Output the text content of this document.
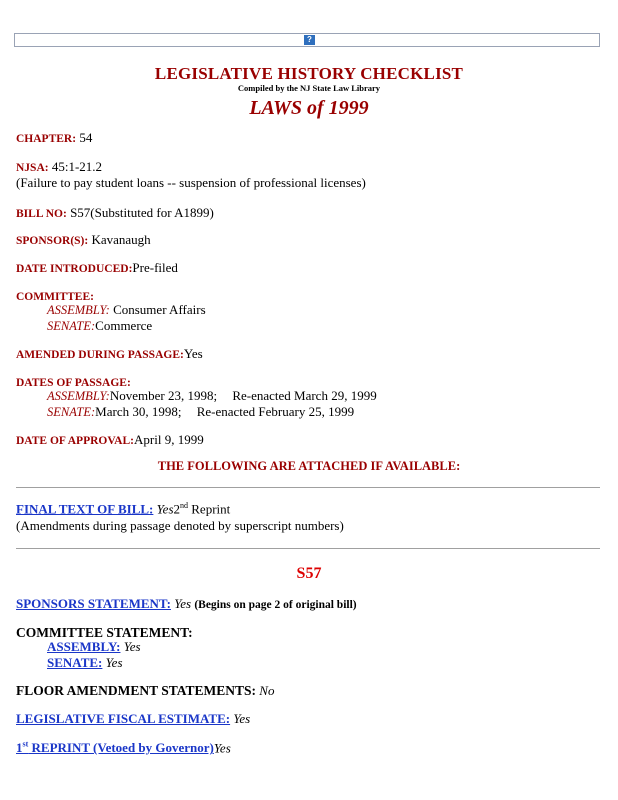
?
LEGISLATIVE HISTORY CHECKLIST
Compiled by the NJ State Law Library
LAWS of 1999
CHAPTER: 54
NJSA: 45:1-21.2
(Failure to pay student loans -- suspension of professional licenses)
BILL NO: S57(Substituted for A1899)
SPONSOR(S): Kavanaugh
DATE INTRODUCED:Pre-filed
COMMITTEE:
ASSEMBLY: Consumer Affairs
SENATE:Commerce
AMENDED DURING PASSAGE:Yes
DATES OF PASSAGE:
ASSEMBLY:November 23, 1998; Re-enacted March 29, 1999
SENATE:March 30, 1998; Re-enacted February 25, 1999
DATE OF APPROVAL:April 9, 1999
THE FOLLOWING ARE ATTACHED IF AVAILABLE:
FINAL TEXT OF BILL: Yes2nd Reprint
(Amendments during passage denoted by superscript numbers)
S57
SPONSORS STATEMENT: Yes (Begins on page 2 of original bill)
COMMITTEE STATEMENT:
ASSEMBLY: Yes
SENATE: Yes
FLOOR AMENDMENT STATEMENTS: No
LEGISLATIVE FISCAL ESTIMATE: Yes
1st REPRINT (Vetoed by Governor)Yes
